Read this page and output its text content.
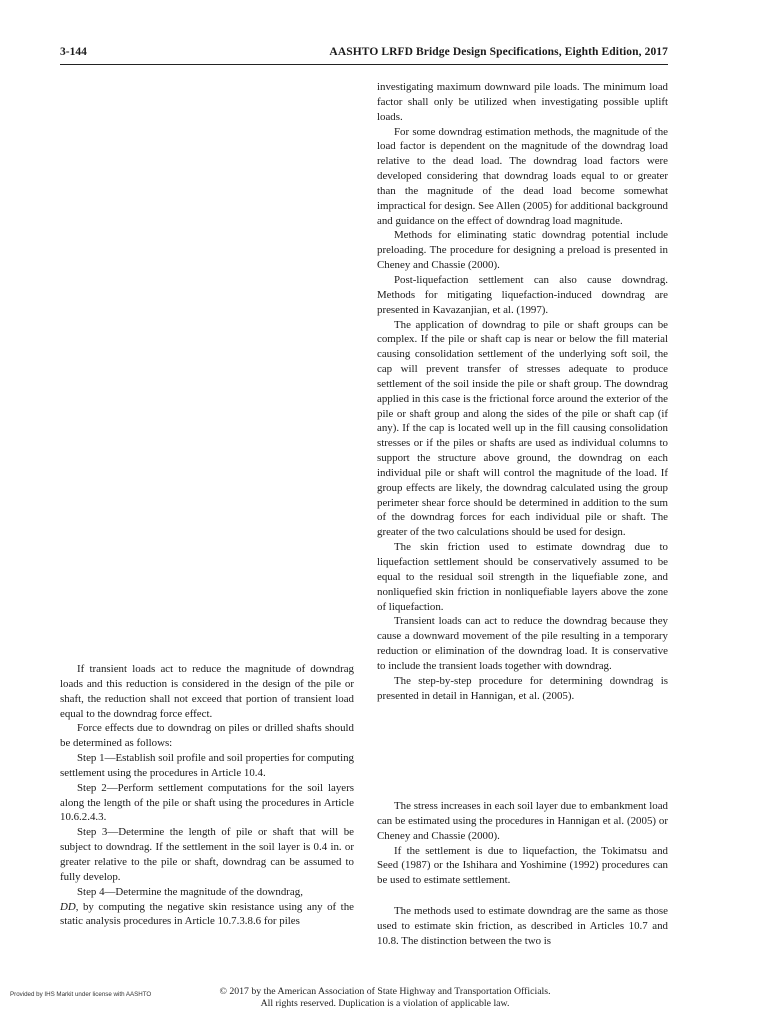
3-144	AASHTO LRFD Bridge Design Specifications, Eighth Edition, 2017

investigating maximum downward pile loads. The minimum load factor shall only be utilized when investigating possible uplift loads.

For some downdrag estimation methods, the magnitude of the load factor is dependent on the magnitude of the downdrag load relative to the dead load. The downdrag load factors were developed considering that downdrag loads equal to or greater than the magnitude of the dead load become somewhat impractical for design. See Allen (2005) for additional background and guidance on the effect of downdrag load magnitude.

Methods for eliminating static downdrag potential include preloading. The procedure for designing a preload is presented in Cheney and Chassie (2000).

Post-liquefaction settlement can also cause downdrag. Methods for mitigating liquefaction-induced downdrag are presented in Kavazanjian, et al. (1997).

The application of downdrag to pile or shaft groups can be complex. If the pile or shaft cap is near or below the fill material causing consolidation settlement of the underlying soft soil, the cap will prevent transfer of stresses adequate to produce settlement of the soil inside the pile or shaft group. The downdrag applied in this case is the frictional force around the exterior of the pile or shaft group and along the sides of the pile or shaft cap (if any). If the cap is located well up in the fill causing consolidation stresses or if the piles or shafts are used as individual columns to support the structure above ground, the downdrag on each individual pile or shaft will control the magnitude of the load. If group effects are likely, the downdrag calculated using the group perimeter shear force should be determined in addition to the sum of the downdrag forces for each individual pile or shaft. The greater of the two calculations should be used for design.

The skin friction used to estimate downdrag due to liquefaction settlement should be conservatively assumed to be equal to the residual soil strength in the liquefiable zone, and nonliquefied skin friction in nonliquefiable layers above the zone of liquefaction.

Transient loads can act to reduce the downdrag because they cause a downward movement of the pile resulting in a temporary reduction or elimination of the downdrag load. It is conservative to include the transient loads together with downdrag.

The step-by-step procedure for determining downdrag is presented in detail in Hannigan, et al. (2005).

The stress increases in each soil layer due to embankment load can be estimated using the procedures in Hannigan et al. (2005) or Cheney and Chassie (2000).

If the settlement is due to liquefaction, the Tokimatsu and Seed (1987) or the Ishihara and Yoshimine (1992) procedures can be used to estimate settlement.

The methods used to estimate downdrag are the same as those used to estimate skin friction, as described in Articles 10.7 and 10.8. The distinction between the two is

If transient loads act to reduce the magnitude of downdrag loads and this reduction is considered in the design of the pile or shaft, the reduction shall not exceed that portion of transient load equal to the downdrag force effect.

Force effects due to downdrag on piles or drilled shafts should be determined as follows:

Step 1—Establish soil profile and soil properties for computing settlement using the procedures in Article 10.4.

Step 2—Perform settlement computations for the soil layers along the length of the pile or shaft using the procedures in Article 10.6.2.4.3.

Step 3—Determine the length of pile or shaft that will be subject to downdrag. If the settlement in the soil layer is 0.4 in. or greater relative to the pile or shaft, downdrag can be assumed to fully develop.

Step 4—Determine the magnitude of the downdrag,
DD, by computing the negative skin resistance using any of the static analysis procedures in Article 10.7.3.8.6 for piles

Provided by IHS Markit under license with AASHTO	© 2017 by the American Association of State Highway and Transportation Officials.
All rights reserved. Duplication is a violation of applicable law.
